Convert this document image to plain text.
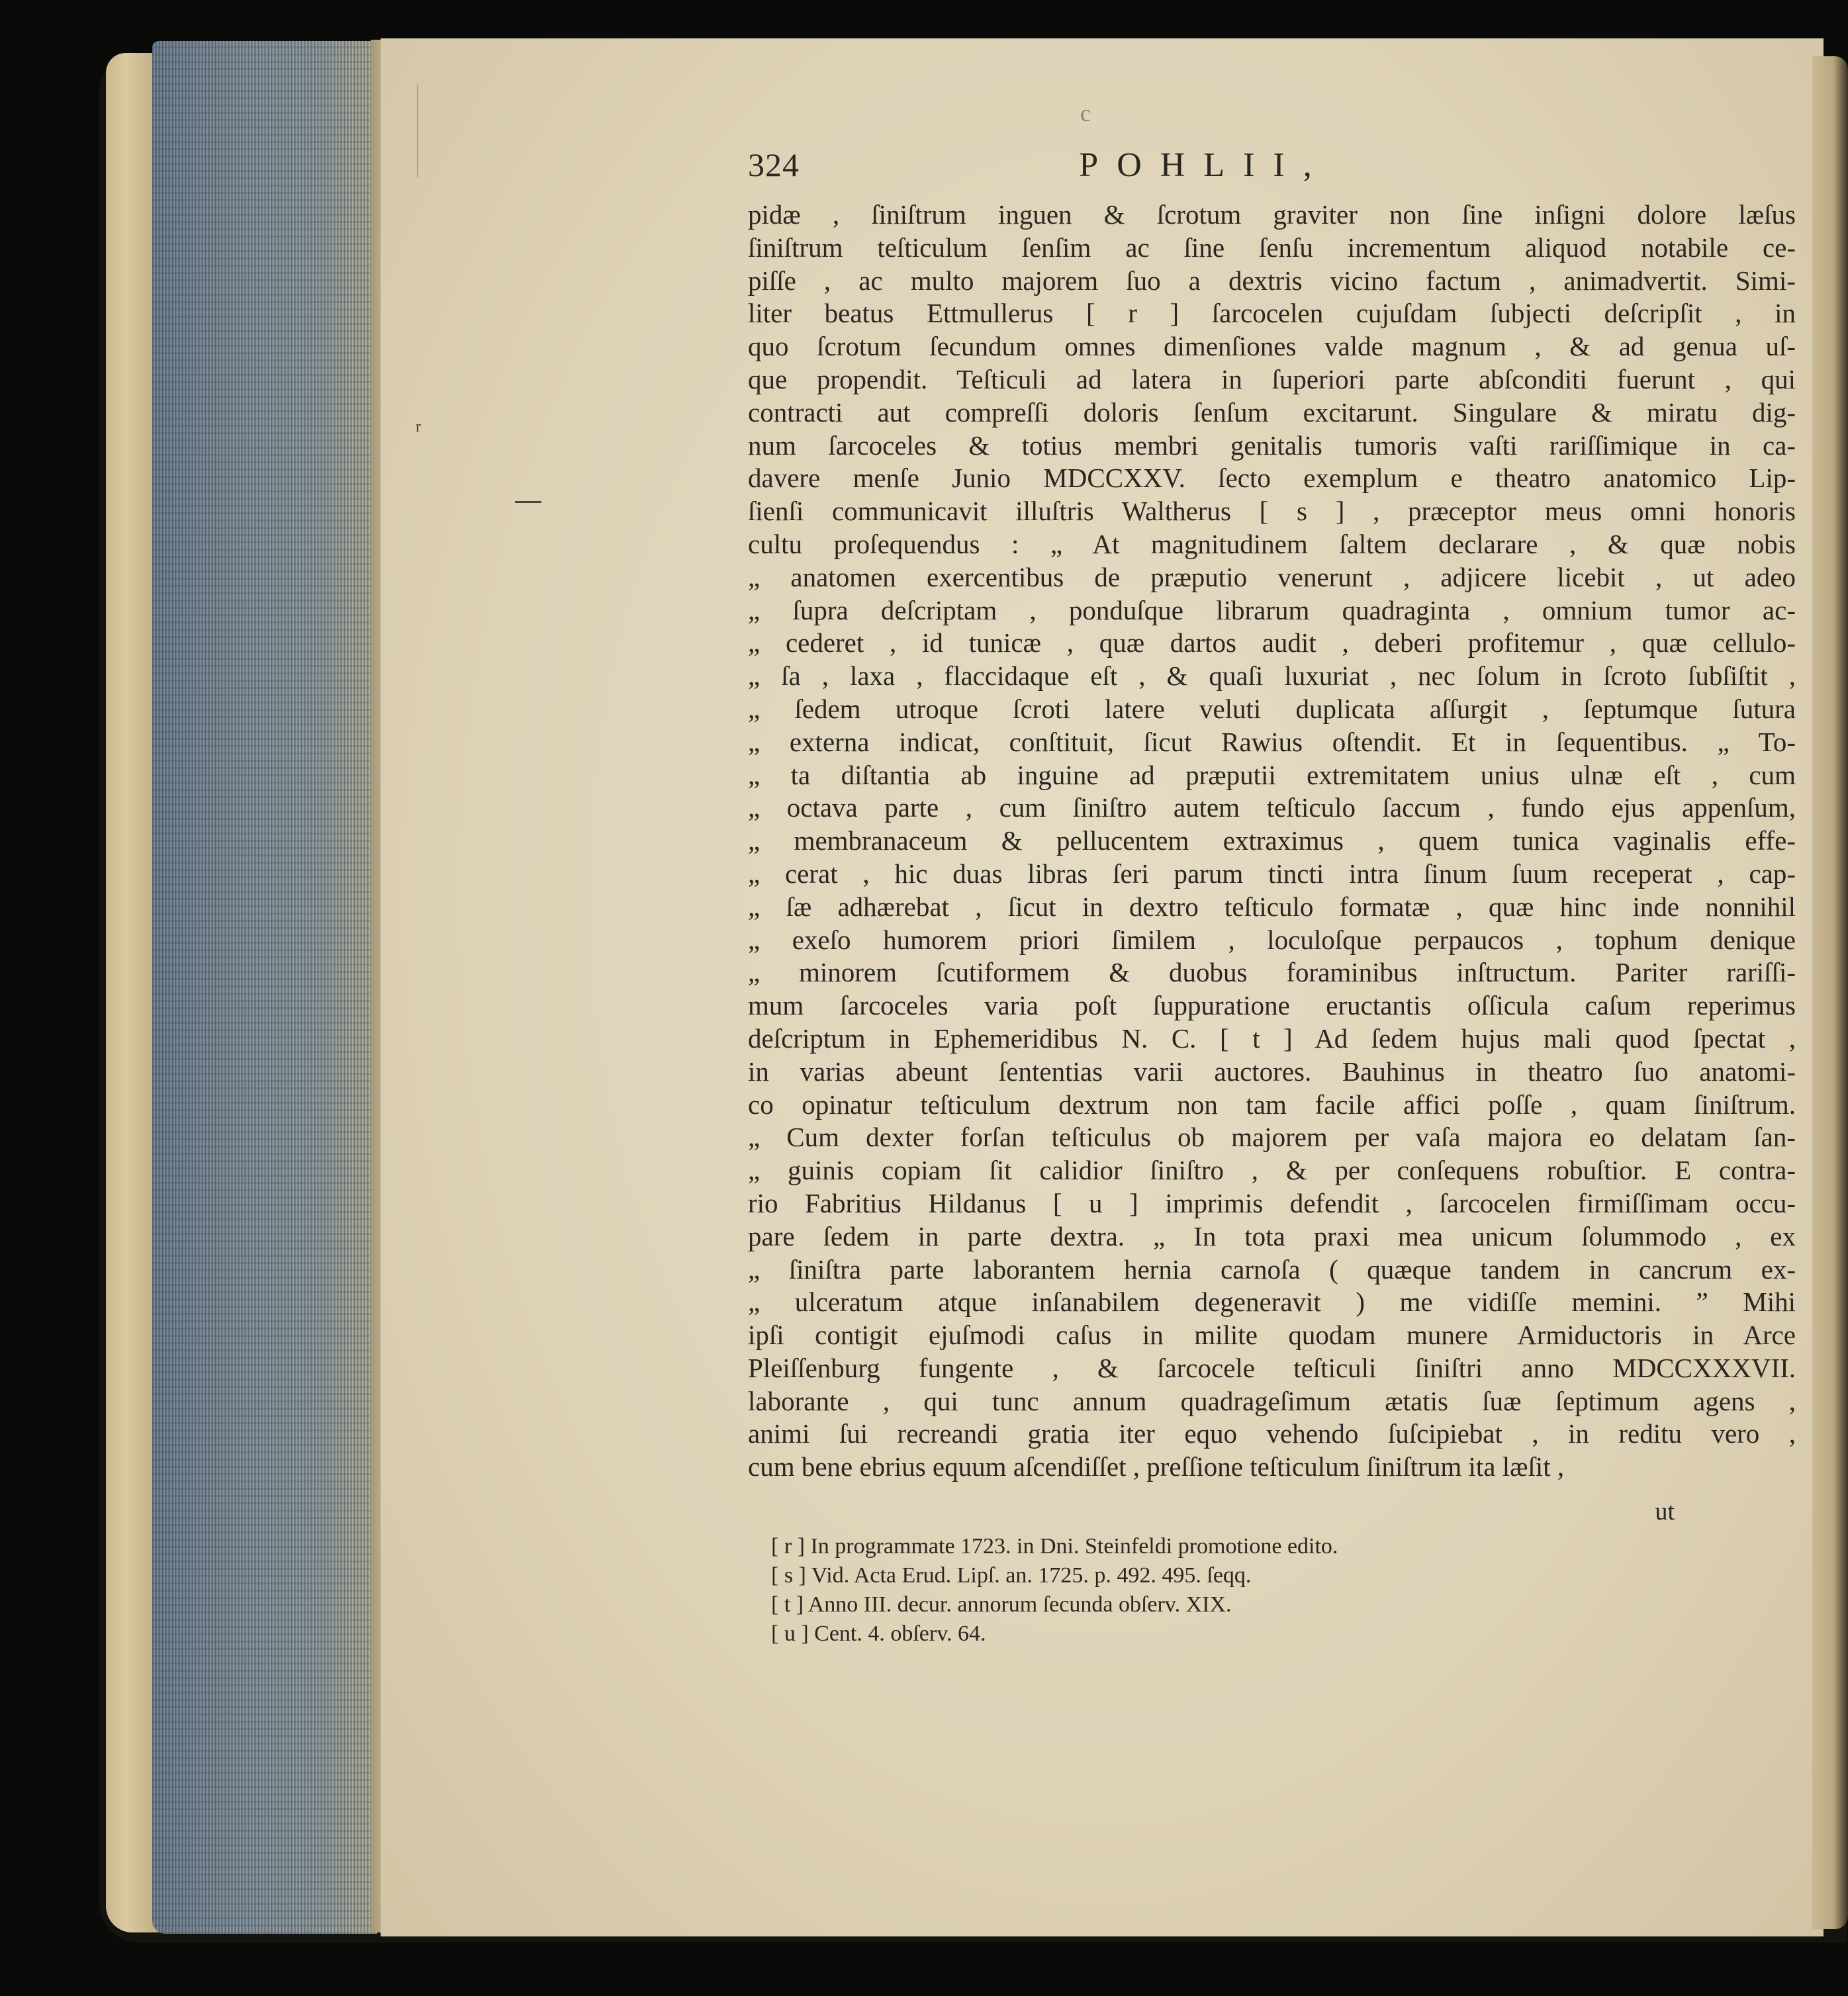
c
r
324	POHLII,
pidæ , ſiniſtrum inguen & ſcrotum graviter non ſine inſigni dolore læſus
ſiniſtrum teſticulum ſenſim ac ſine ſenſu incrementum aliquod notabile ce-
piſſe , ac multo majorem ſuo a dextris vicino factum , animadvertit. Simi-
liter beatus Ettmullerus [ r ] ſarcocelen cujuſdam ſubjecti deſcripſit , in
quo ſcrotum ſecundum omnes dimenſiones valde magnum , & ad genua uſ-
que propendit. Teſticuli ad latera in ſuperiori parte abſconditi fuerunt , qui
contracti aut compreſſi doloris ſenſum excitarunt. Singulare & miratu dig-
num ſarcoceles & totius membri genitalis tumoris vaſti rariſſimique in ca-
davere menſe Junio MDCCXXV. ſecto exemplum e theatro anatomico Lip-
ſienſi communicavit illuſtris Waltherus [ s ] , præceptor meus omni honoris
cultu proſequendus : „ At magnitudinem ſaltem declarare , & quæ nobis
„ anatomen exercentibus de præputio venerunt , adjicere licebit , ut adeo
„ ſupra deſcriptam , ponduſque librarum quadraginta , omnium tumor ac-
„ cederet , id tunicæ , quæ dartos audit , deberi profitemur , quæ cellulo-
„ ſa , laxa , flaccidaque eſt , & quaſi luxuriat , nec ſolum in ſcroto ſubſiſtit ,
„ ſedem utroque ſcroti latere veluti duplicata aſſurgit , ſeptumque ſutura
„ externa indicat, conſtituit, ſicut Rawius oſtendit. Et in ſequentibus. „ To-
„ ta diſtantia ab inguine ad præputii extremitatem unius ulnæ eſt , cum
„ octava parte , cum ſiniſtro autem teſticulo ſaccum , fundo ejus appenſum,
„ membranaceum & pellucentem extraximus , quem tunica vaginalis effe-
„ cerat , hic duas libras ſeri parum tincti intra ſinum ſuum receperat , cap-
„ ſæ adhærebat , ſicut in dextro teſticulo formatæ , quæ hinc inde nonnihil
„ exeſo humorem priori ſimilem , loculoſque perpaucos , tophum denique
„ minorem ſcutiformem & duobus foraminibus inſtructum. Pariter rariſſi-
mum ſarcoceles varia poſt ſuppuratione eructantis oſſicula caſum reperimus
deſcriptum in Ephemeridibus N. C. [ t ] Ad ſedem hujus mali quod ſpectat ,
in varias abeunt ſententias varii auctores. Bauhinus in theatro ſuo anatomi-
co opinatur teſticulum dextrum non tam facile affici poſſe , quam ſiniſtrum.
„ Cum dexter forſan teſticulus ob majorem per vaſa majora eo delatam ſan-
„ guinis copiam ſit calidior ſiniſtro , & per conſequens robuſtior. E contra-
rio Fabritius Hildanus [ u ] imprimis defendit , ſarcocelen firmiſſimam occu-
pare ſedem in parte dextra. „ In tota praxi mea unicum ſolummodo , ex
„ ſiniſtra parte laborantem hernia carnoſa ( quæque tandem in cancrum ex-
„ ulceratum atque inſanabilem degeneravit ) me vidiſſe memini. ” Mihi
ipſi contigit ejuſmodi caſus in milite quodam munere Armiductoris in Arce
Pleiſſenburg fungente , & ſarcocele teſticuli ſiniſtri anno MDCCXXXVII.
laborante , qui tunc annum quadrageſimum ætatis ſuæ ſeptimum agens ,
animi ſui recreandi gratia iter equo vehendo ſuſcipiebat , in reditu vero ,
cum bene ebrius equum aſcendiſſet , preſſione teſticulum ſiniſtrum ita læſit ,
ut
[ r ] In programmate 1723. in Dni. Steinfeldi promotione edito.
[ s ] Vid. Acta Erud. Lipſ. an. 1725. p. 492. 495. ſeqq.
[ t ] Anno III. decur. annorum ſecunda obſerv. XIX.
[ u ] Cent. 4. obſerv. 64.
